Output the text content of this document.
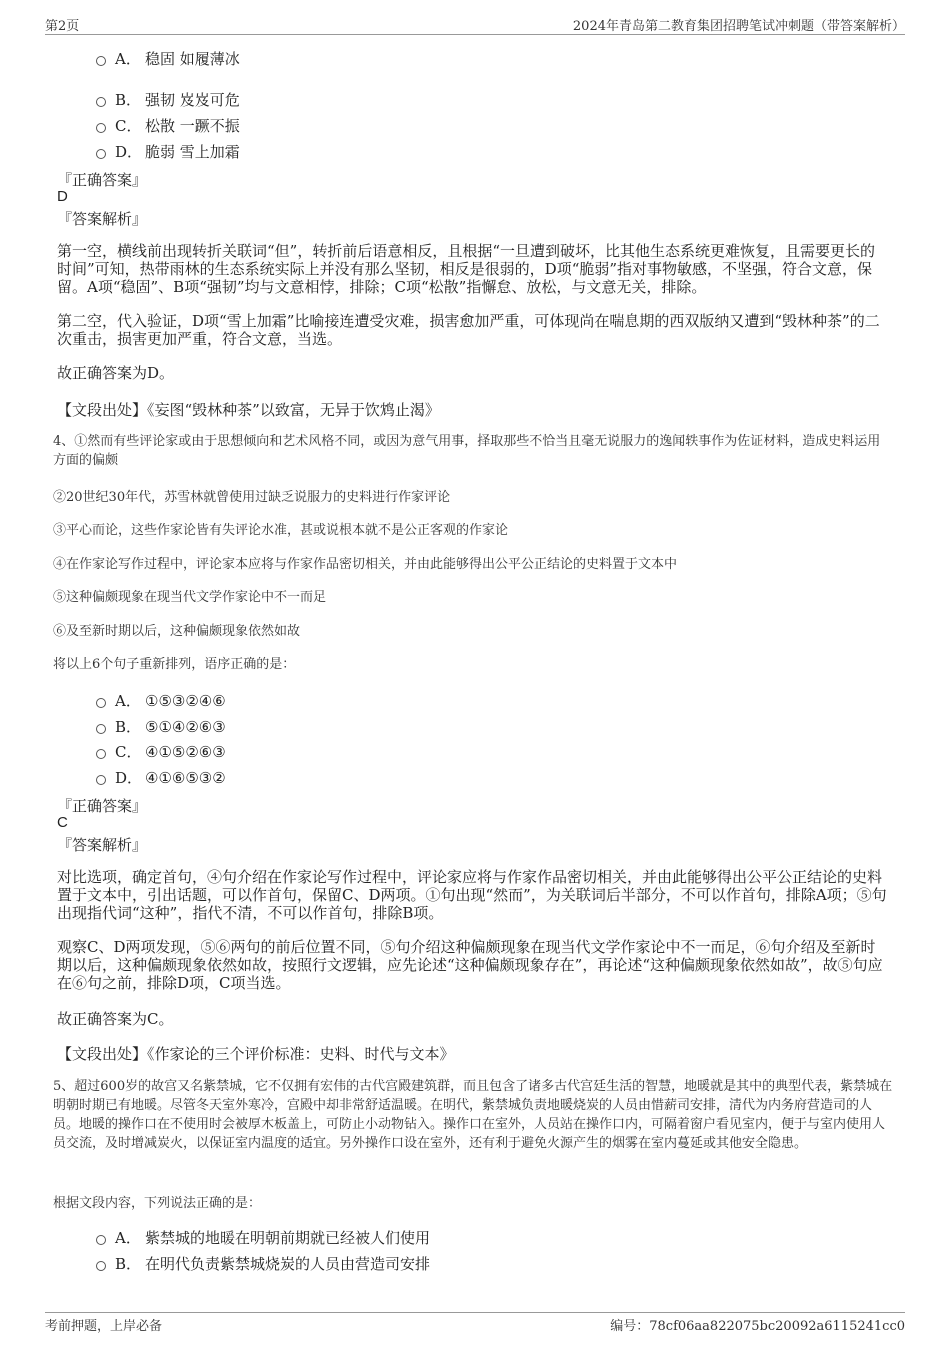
第2页	2024年青岛第二教育集团招聘笔试冲刺题（带答案解析）
A． 稳固 如履薄冰
B． 强韧 岌岌可危
C． 松散 一蹶不振
D． 脆弱 雪上加霜
『正确答案』
D
『答案解析』
第一空，横线前出现转折关联词“但”，转折前后语意相反，且根据“一旦遭到破坏，比其他生态系统更难恢复，且需要更长的时间”可知，热带雨林的生态系统实际上并没有那么坚韧，相反是很弱的，D项“脆弱”指对事物敏感，不坚强，符合文意，保留。A项“稳固”、B项“强韧”均与文意相悖，排除；C项“松散”指懈怠、放松，与文意无关，排除。
第二空，代入验证，D项“雪上加霜”比喻接连遭受灾难，损害愈加严重，可体现尚在喘息期的西双版纳又遭到“毁林种茶”的二次重击，损害更加严重，符合文意，当选。
故正确答案为D。
【文段出处】《妄图“毁林种茶”以致富，无异于饮鸩止渴》
4、①然而有些评论家或由于思想倾向和艺术风格不同，或因为意气用事，择取那些不恰当且毫无说服力的逸闻轶事作为佐证材料，造成史料运用方面的偏颇
②20世纪30年代，苏雪林就曾使用过缺乏说服力的史料进行作家评论
③平心而论，这些作家论皆有失评论水准，甚或说根本就不是公正客观的作家论
④在作家论写作过程中，评论家本应将与作家作品密切相关，并由此能够得出公平公正结论的史料置于文本中
⑤这种偏颇现象在现当代文学作家论中不一而足
⑥及至新时期以后，这种偏颇现象依然如故
将以上6个句子重新排列，语序正确的是：
A． ①⑤③②④⑥
B． ⑤①④②⑥③
C． ④①⑤②⑥③
D． ④①⑥⑤③②
『正确答案』
C
『答案解析』
对比选项，确定首句，④句介绍在作家论写作过程中，评论家应将与作家作品密切相关，并由此能够得出公平公正结论的史料置于文本中，引出话题，可以作首句，保留C、D两项。①句出现“然而”，为关联词后半部分，不可以作首句，排除A项；⑤句出现指代词“这种”，指代不清，不可以作首句，排除B项。
观察C、D两项发现，⑤⑥两句的前后位置不同，⑤句介绍这种偏颇现象在现当代文学作家论中不一而足，⑥句介绍及至新时期以后，这种偏颇现象依然如故，按照行文逻辑，应先论述“这种偏颇现象存在”，再论述“这种偏颇现象依然如故”，故⑤句应在⑥句之前，排除D项，C项当选。
故正确答案为C。
【文段出处】《作家论的三个评价标准：史料、时代与文本》
5、超过600岁的故宫又名紫禁城，它不仅拥有宏伟的古代宫殿建筑群，而且包含了诸多古代宫廷生活的智慧，地暖就是其中的典型代表，紫禁城在明朝时期已有地暖。尽管冬天室外寒冷，宫殿中却非常舒适温暖。在明代，紫禁城负责地暖烧炭的人员由惜薪司安排，清代为内务府营造司的人员。地暖的操作口在不使用时会被厚木板盖上，可防止小动物钻入。操作口在室外，人员站在操作口内，可隔着窗户看见室内，便于与室内使用人员交流，及时增减炭火，以保证室内温度的适宜。另外操作口设在室外，还有利于避免火源产生的烟雾在室内蔓延或其他安全隐患。
根据文段内容，下列说法正确的是：
A． 紫禁城的地暖在明朝前期就已经被人们使用
B． 在明代负责紫禁城烧炭的人员由营造司安排
考前押题，上岸必备	编号：78cf06aa822075bc20092a6115241cc0
